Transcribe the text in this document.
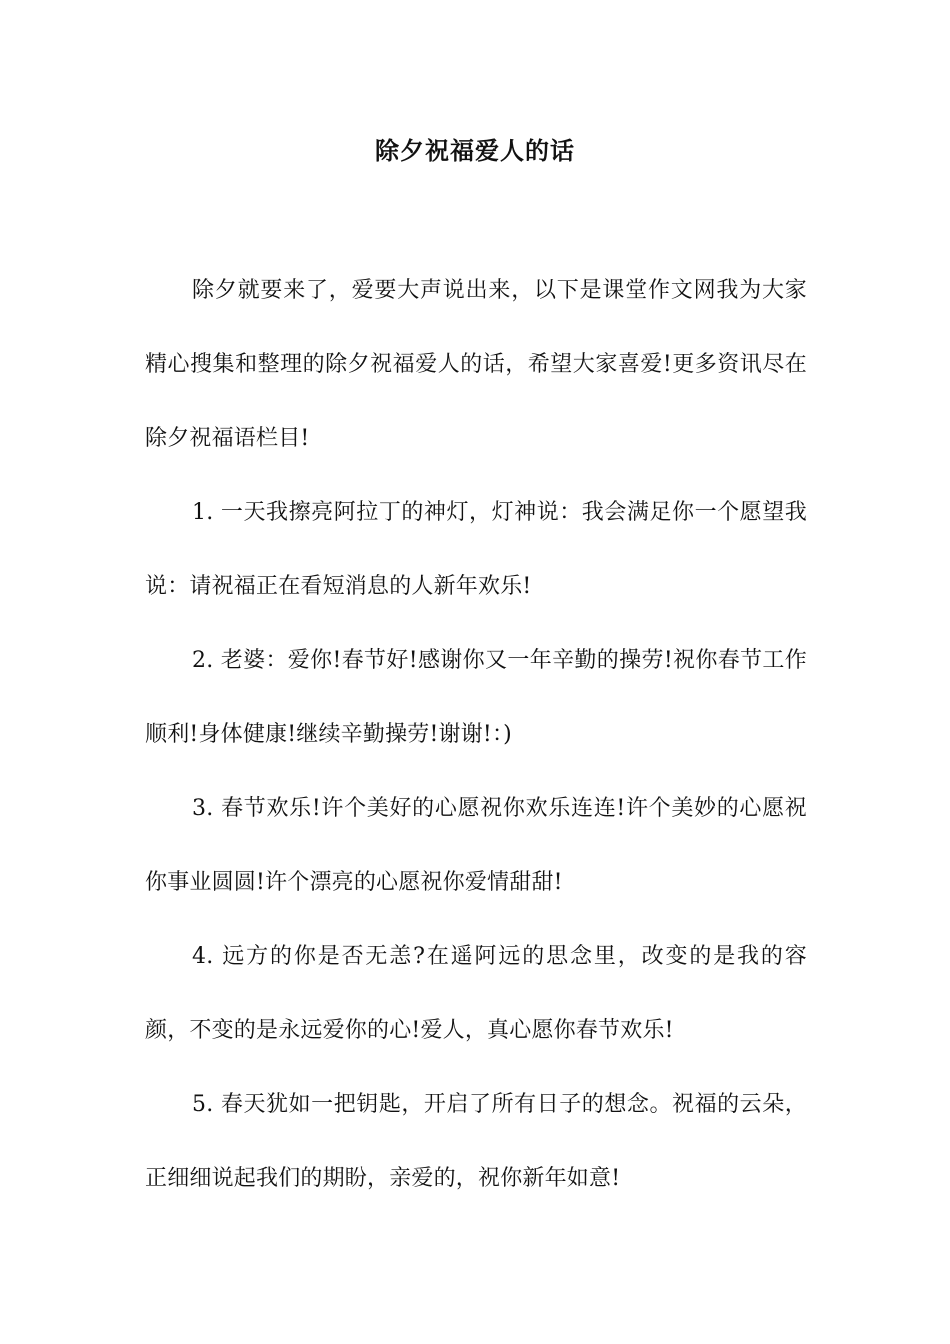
除夕祝福爱人的话

除夕就要来了，爱要大声说出来，以下是课堂作文网我为大家精心搜集和整理的除夕祝福爱人的话，希望大家喜爱!更多资讯尽在除夕祝福语栏目!

1. 一天我擦亮阿拉丁的神灯，灯神说：我会满足你一个愿望我说：请祝福正在看短消息的人新年欢乐!

2. 老婆：爱你!春节好!感谢你又一年辛勤的操劳!祝你春节工作顺利!身体健康!继续辛勤操劳!谢谢!：)

3. 春节欢乐!许个美好的心愿祝你欢乐连连!许个美妙的心愿祝你事业圆圆!许个漂亮的心愿祝你爱情甜甜!

4. 远方的你是否无恙?在遥阿远的思念里，改变的是我的容颜，不变的是永远爱你的心!爱人，真心愿你春节欢乐!

5. 春天犹如一把钥匙，开启了所有日子的想念。祝福的云朵，正细细说起我们的期盼，亲爱的，祝你新年如意!
